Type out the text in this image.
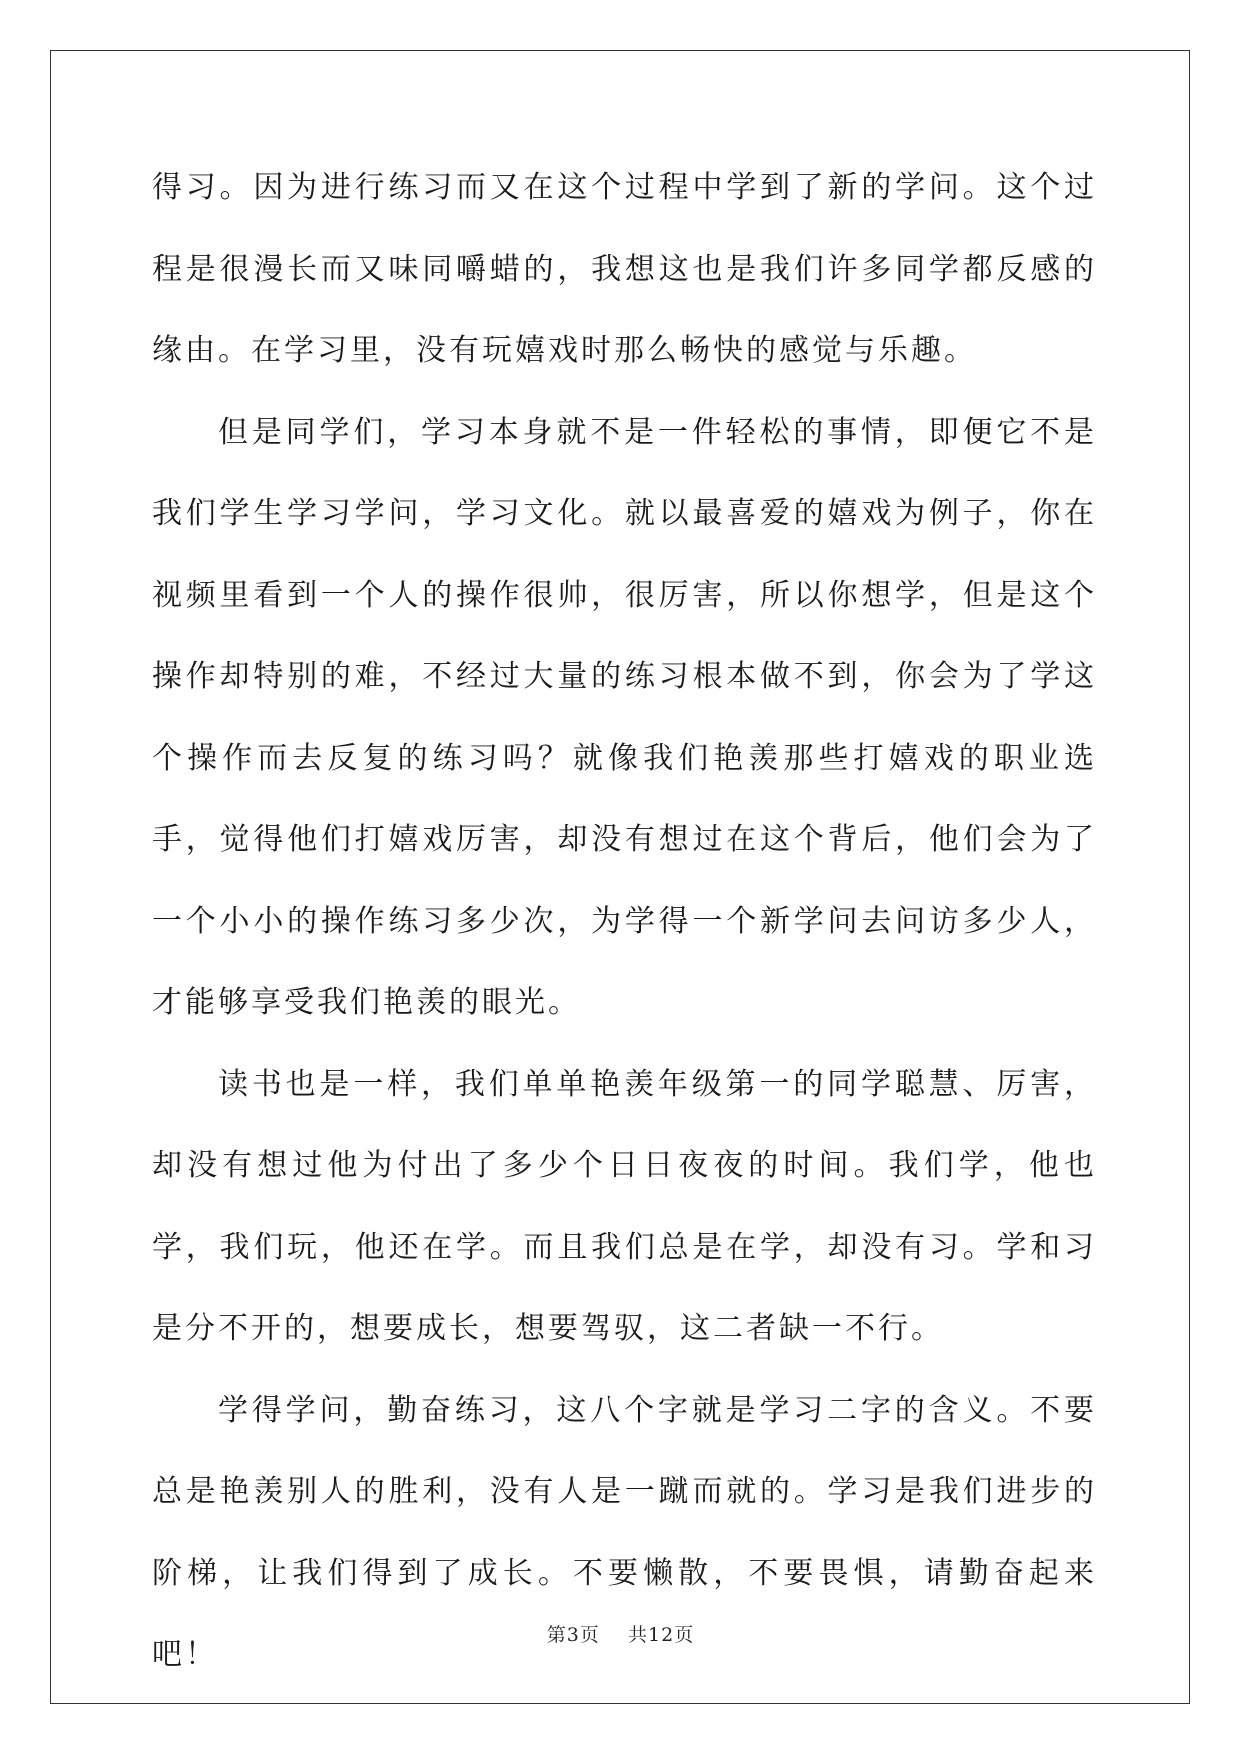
得习。因为进行练习而又在这个过程中学到了新的学问。这个过程是很漫长而又味同嚼蜡的，我想这也是我们许多同学都反感的缘由。在学习里，没有玩嬉戏时那么畅快的感觉与乐趣。

但是同学们，学习本身就不是一件轻松的事情，即便它不是我们学生学习学问，学习文化。就以最喜爱的嬉戏为例子，你在视频里看到一个人的操作很帅，很厉害，所以你想学，但是这个操作却特别的难，不经过大量的练习根本做不到，你会为了学这个操作而去反复的练习吗？就像我们艳羡那些打嬉戏的职业选手，觉得他们打嬉戏厉害，却没有想过在这个背后，他们会为了一个小小的操作练习多少次，为学得一个新学问去问访多少人，才能够享受我们艳羡的眼光。

读书也是一样，我们单单艳羡年级第一的同学聪慧、厉害，却没有想过他为付出了多少个日日夜夜的时间。我们学，他也学，我们玩，他还在学。而且我们总是在学，却没有习。学和习是分不开的，想要成长，想要驾驭，这二者缺一不行。

学得学问，勤奋练习，这八个字就是学习二字的含义。不要总是艳羡别人的胜利，没有人是一蹴而就的。学习是我们进步的阶梯，让我们得到了成长。不要懒散，不要畏惧，请勤奋起来吧！

第3页 共12页
